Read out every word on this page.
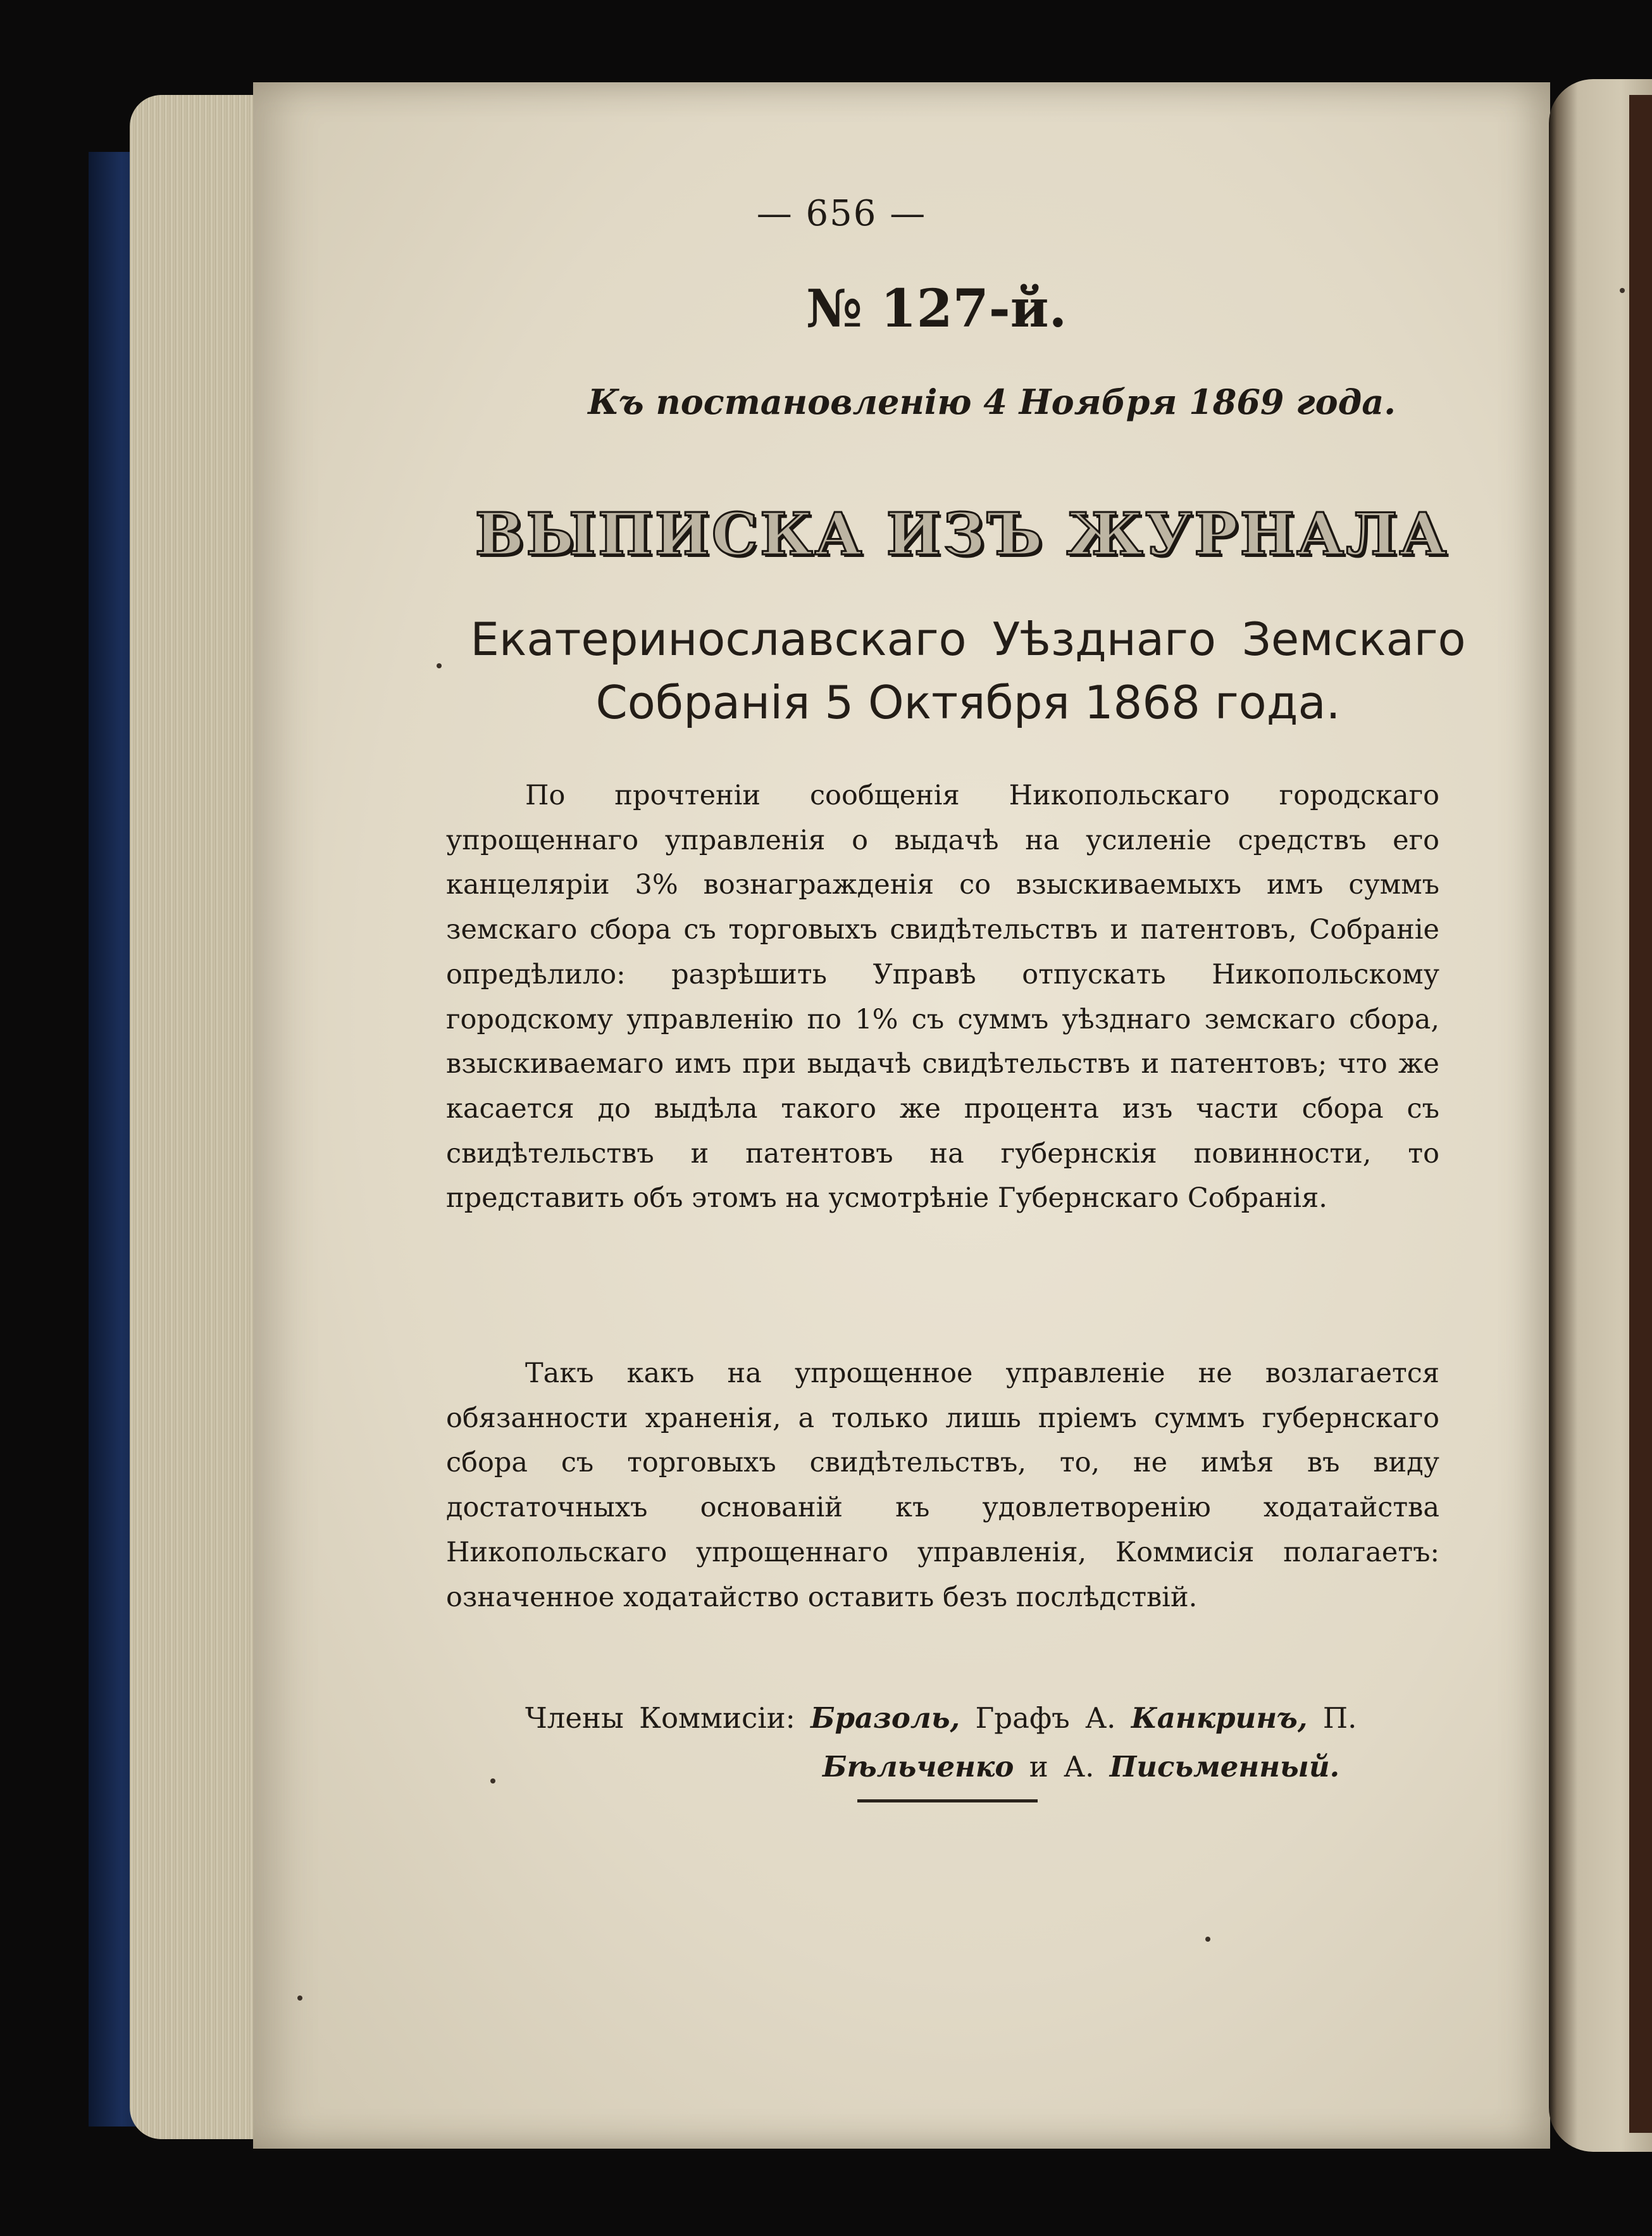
— 656 —
№ 127-й.
Къ постановленію 4 Ноября 1869 года.
ВЫПИСКА ИЗЪ ЖУРНАЛА
Екатеринославскаго Уѣзднаго Земскаго
Собранія 5 Октября 1868 года.
По прочтеніи сообщенія Никопольскаго городскаго упрощеннаго управленія о выдачѣ на усиленіе средствъ его канцеляріи 3% вознагражденія со взыскиваемыхъ имъ суммъ земскаго сбора съ торговыхъ свидѣтельствъ и патентовъ, Собраніе опредѣлило: разрѣшить Управѣ отпускать Никопольскому городскому управленію по 1% съ суммъ уѣзднаго земскаго сбора, взыскиваемаго имъ при выдачѣ свидѣтельствъ и патентовъ; что же касается до выдѣла такого же процента изъ части сбора съ свидѣтельствъ и патентовъ на губернскія повинности, то представить объ этомъ на усмотрѣніе Губернскаго Собранія.
Такъ какъ на упрощенное управленіе не возлагается обязанности храненія, а только лишь пріемъ суммъ губернскаго сбора съ торговыхъ свидѣтельствъ, то, не имѣя въ виду достаточныхъ основаній къ удовлетворенію ходатайства Никопольскаго упрощеннаго управленія, Коммисія полагаетъ: означенное ходатайство оставить безъ послѣдствій.
Члены Коммисіи: Бразоль, Графъ А. Канкринъ, П.
Бѣльченко и А. Письменный.
